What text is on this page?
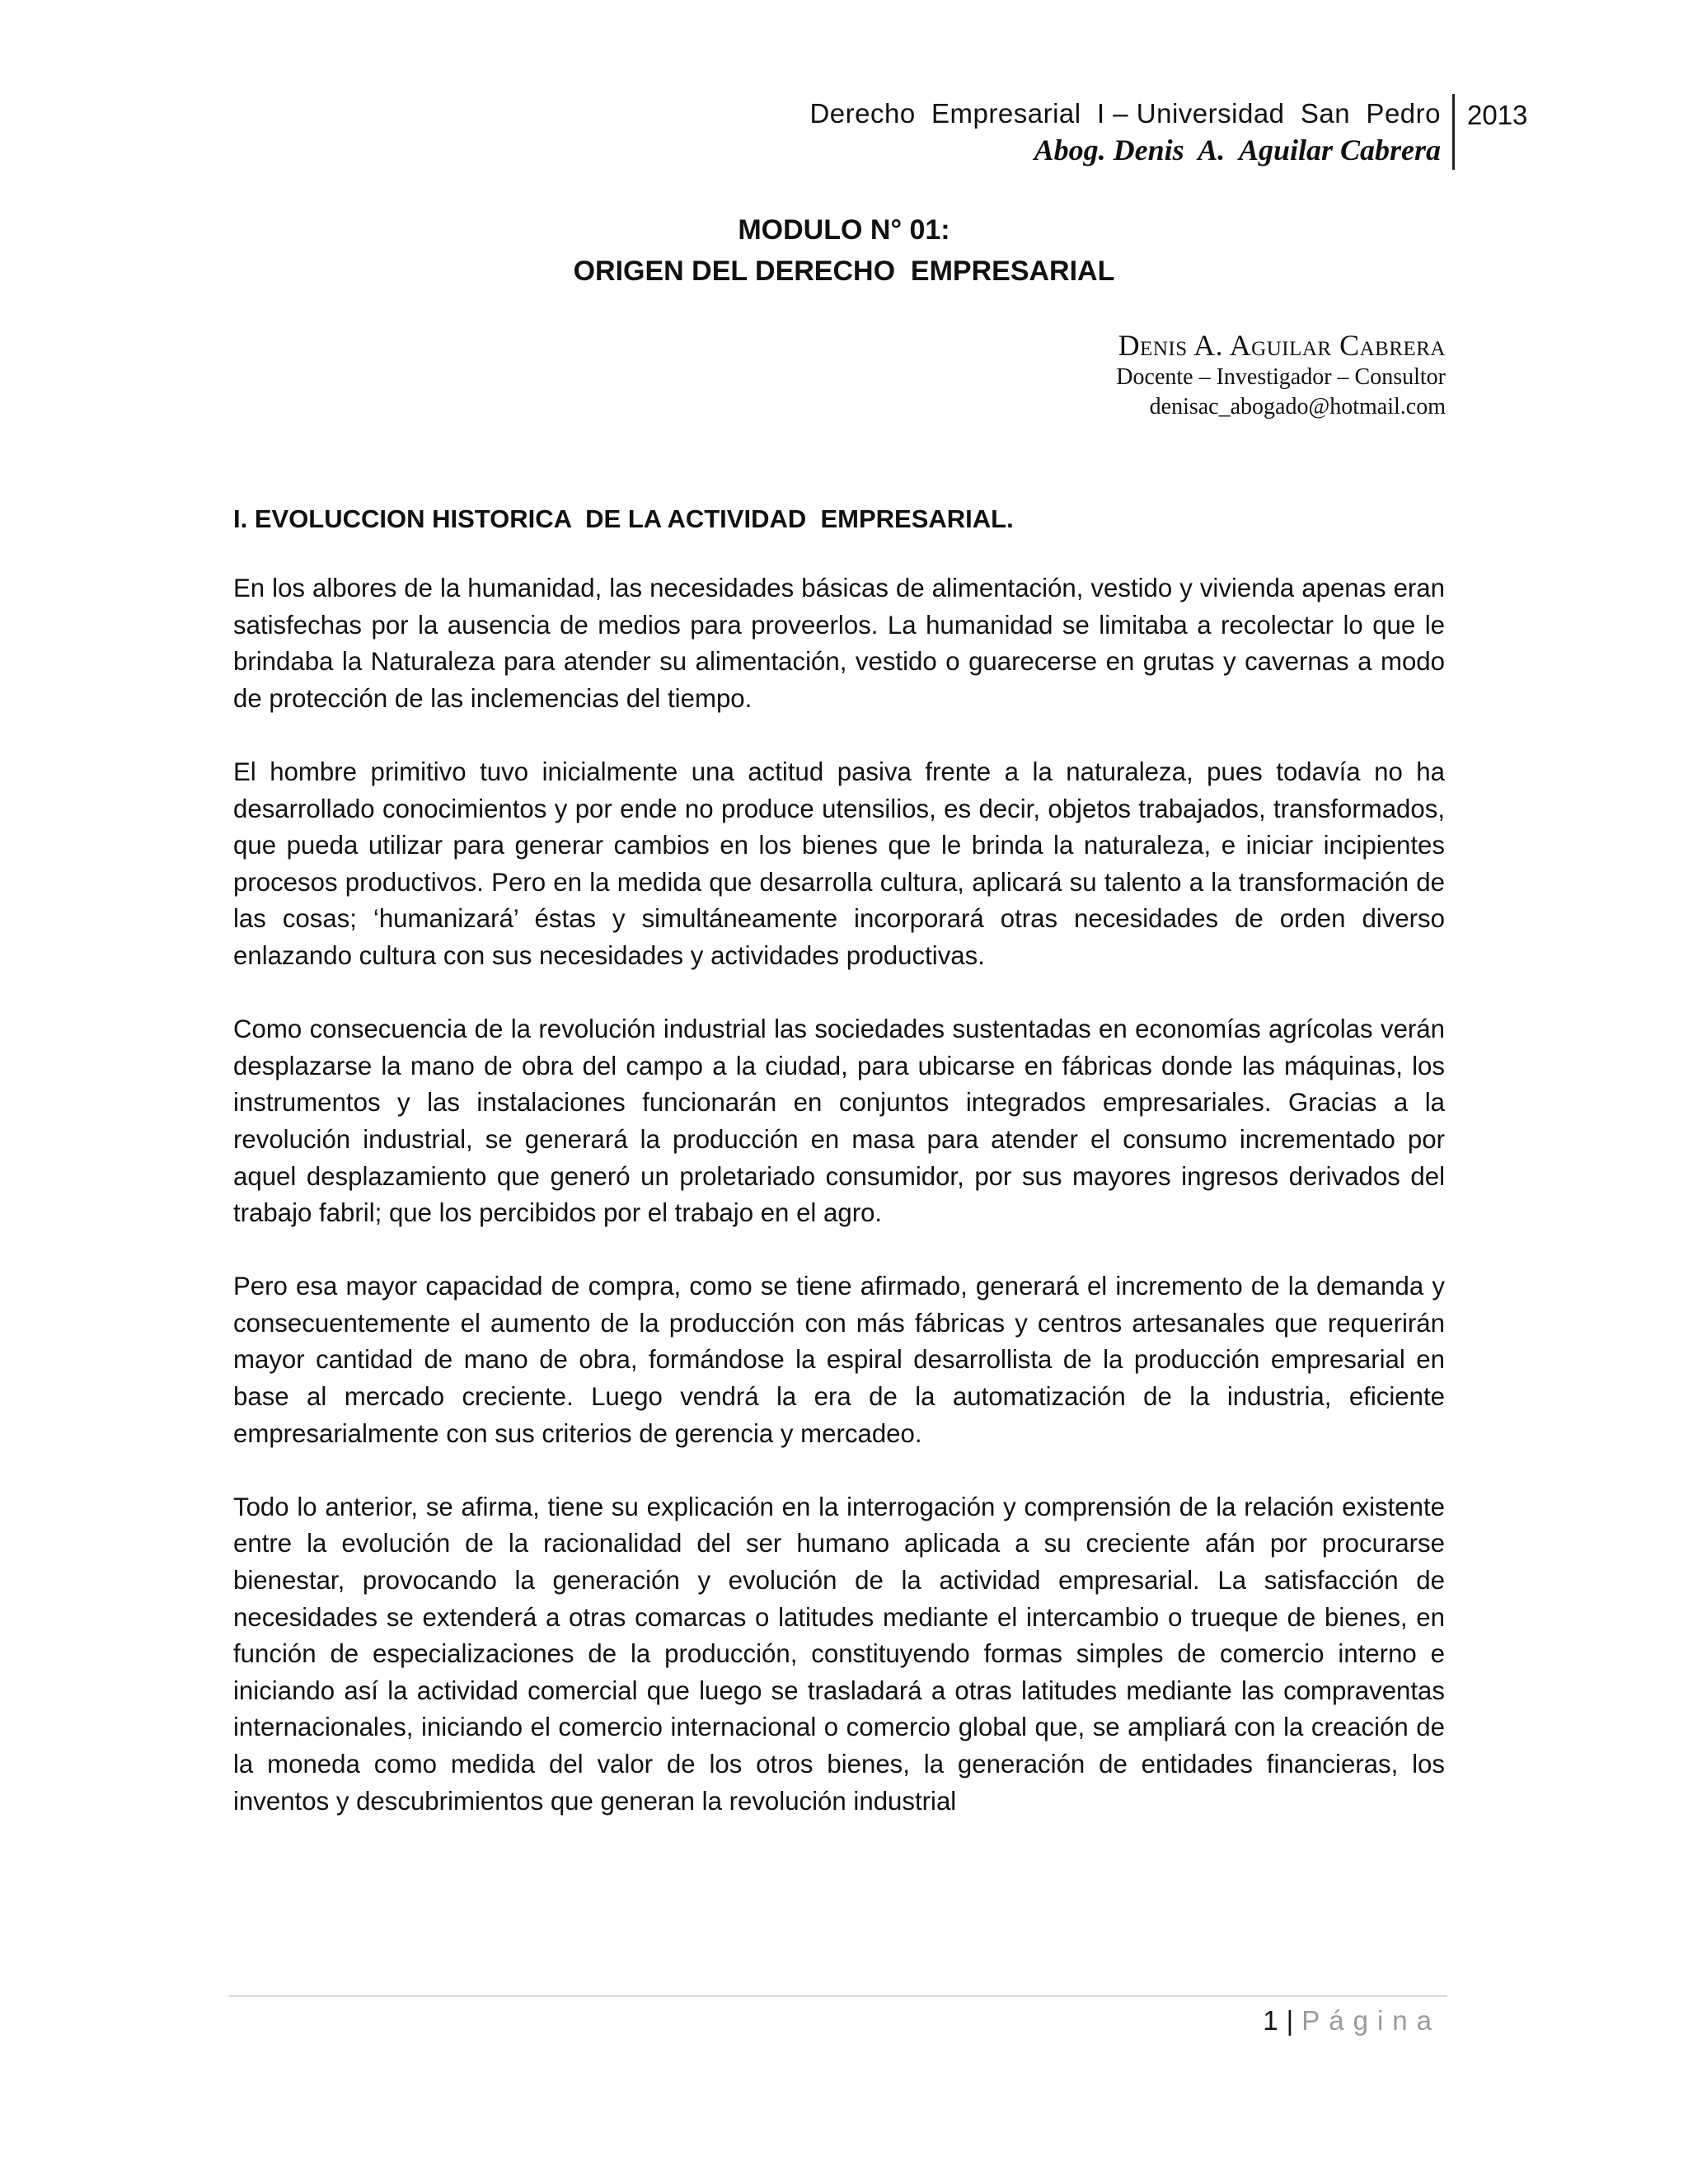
Derecho  Empresarial  I – Universidad  San  Pedro
Abog. Denis  A.  Aguilar Cabrera
2013
MODULO N° 01:
ORIGEN DEL DERECHO  EMPRESARIAL
Denis A. Aguilar Cabrera
Docente – Investigador – Consultor
denisac_abogado@hotmail.com
I. EVOLUCCION HISTORICA  DE LA ACTIVIDAD  EMPRESARIAL.

En los albores de la humanidad, las necesidades básicas de alimentación, vestido y vivienda apenas eran satisfechas por la ausencia de medios para proveerlos. La humanidad se limitaba a recolectar lo que le brindaba la Naturaleza para atender su alimentación, vestido o guarecerse en grutas y cavernas a modo de protección de las inclemencias del tiempo.

El hombre primitivo tuvo inicialmente una actitud pasiva frente a la naturaleza, pues todavía no ha desarrollado conocimientos y por ende no produce utensilios, es decir, objetos trabajados, transformados, que pueda utilizar para generar cambios en los bienes que le brinda la naturaleza, e iniciar incipientes procesos productivos. Pero en la medida que desarrolla cultura, aplicará su talento a la transformación de las cosas; ‘humanizará’ éstas y simultáneamente incorporará otras necesidades de orden diverso enlazando cultura con sus necesidades y actividades productivas.

Como consecuencia de la revolución industrial las sociedades sustentadas en economías agrícolas verán desplazarse la mano de obra del campo a la ciudad, para ubicarse en fábricas donde las máquinas, los instrumentos y las instalaciones funcionarán en conjuntos integrados empresariales. Gracias a la revolución industrial, se generará la producción en masa para atender el consumo incrementado por aquel desplazamiento que generó un proletariado consumidor, por sus mayores ingresos derivados del trabajo fabril; que los percibidos por el trabajo en el agro.

Pero esa mayor capacidad de compra, como se tiene afirmado, generará el incremento de la demanda y consecuentemente el aumento de la producción con más fábricas y centros artesanales que requerirán mayor cantidad de mano de obra, formándose la espiral desarrollista de la producción empresarial en base al mercado creciente. Luego vendrá la era de la automatización de la industria, eficiente empresarialmente con sus criterios de gerencia y mercadeo.

Todo lo anterior, se afirma, tiene su explicación en la interrogación y comprensión de la relación existente entre la evolución de la racionalidad del ser humano aplicada a su creciente afán por procurarse bienestar, provocando la generación y evolución de la actividad empresarial. La satisfacción de necesidades se extenderá a otras comarcas o latitudes mediante el intercambio o trueque de bienes, en función de especializaciones de la producción, constituyendo formas simples de comercio interno e iniciando así la actividad comercial que luego se trasladará a otras latitudes mediante las compraventas internacionales, iniciando el comercio internacional o comercio global que, se ampliará con la creación de la moneda como medida del valor de los otros bienes, la generación de entidades financieras, los inventos y descubrimientos que generan la revolución industrial

1 | Página
